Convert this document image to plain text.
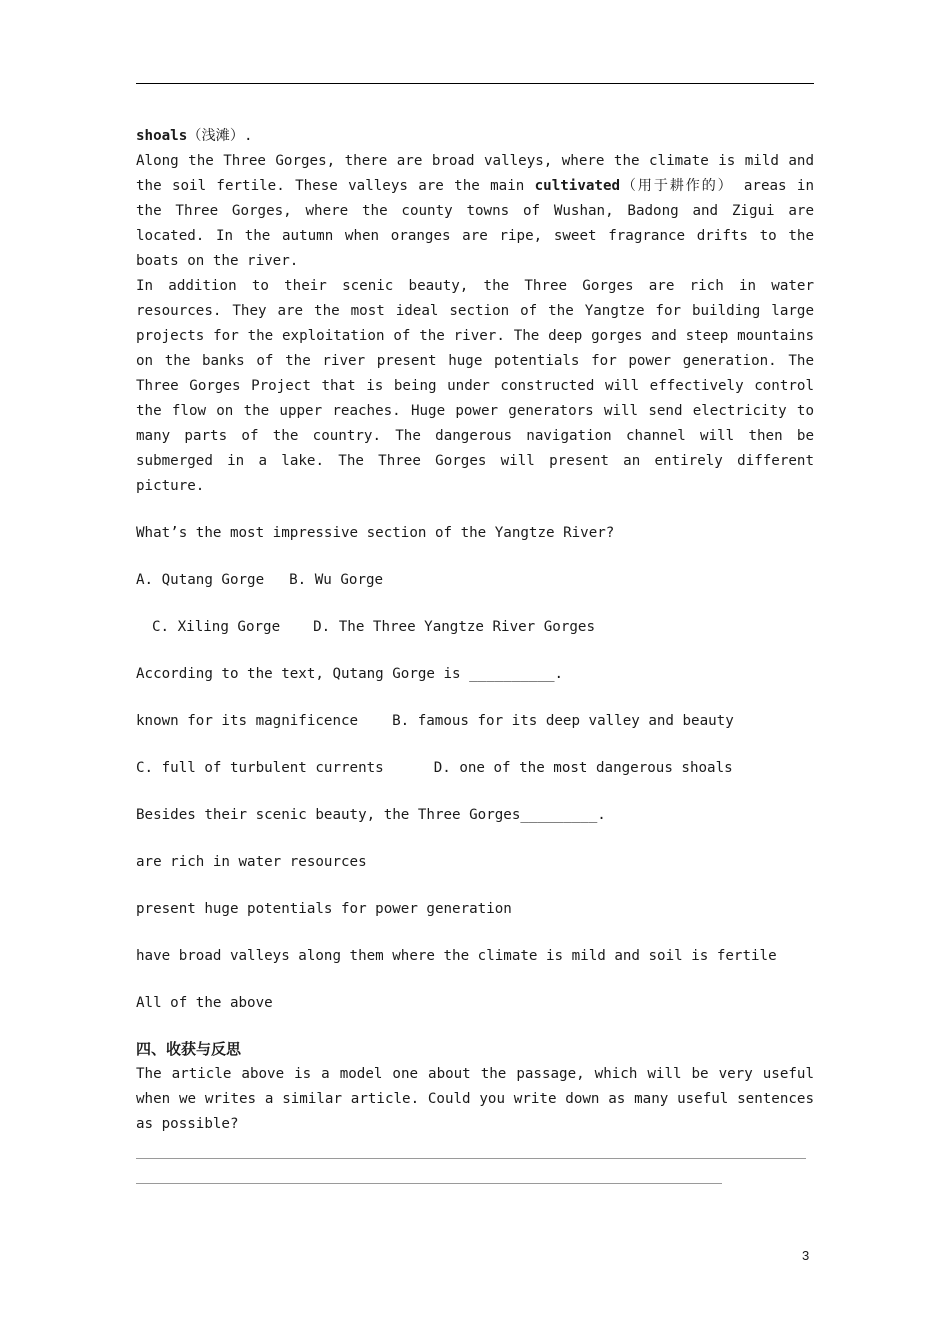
shoals（浅滩）.

Along the Three Gorges, there are broad valleys, where the climate is mild and the soil fertile. These valleys are the main cultivated（用于耕作的） areas in the Three Gorges, where the county towns of Wushan, Badong and Zigui are located. In the autumn when oranges are ripe, sweet fragrance drifts to the boats on the river.

In addition to their scenic beauty, the Three Gorges are rich in water resources. They are the most ideal section of the Yangtze for building large projects for the exploitation of the river. The deep gorges and steep mountains on the banks of the river present huge potentials for power generation. The Three Gorges Project that is being under constructed will effectively control the flow on the upper reaches. Huge power generators will send electricity to many parts of the country. The dangerous navigation channel will then be submerged in a lake. The Three Gorges will present an entirely different picture.

What’s the most impressive section of the Yangtze River?

A. Qutang Gorge B. Wu Gorge

C. Xiling Gorge D. The Three Yangtze River Gorges

According to the text, Qutang Gorge is __________.

known for its magnificence B. famous for its deep valley and beauty

C. full of turbulent currents	D. one of the most dangerous shoals

Besides their scenic beauty, the Three Gorges_________.

are rich in water resources

present huge potentials for power generation

have broad valleys along them where the climate is mild and soil is fertile

All of the above

四、收获与反思

The article above is a model one about the passage, which will be very useful when we writes a similar article. Could you write down as many useful sentences as possible?

3
